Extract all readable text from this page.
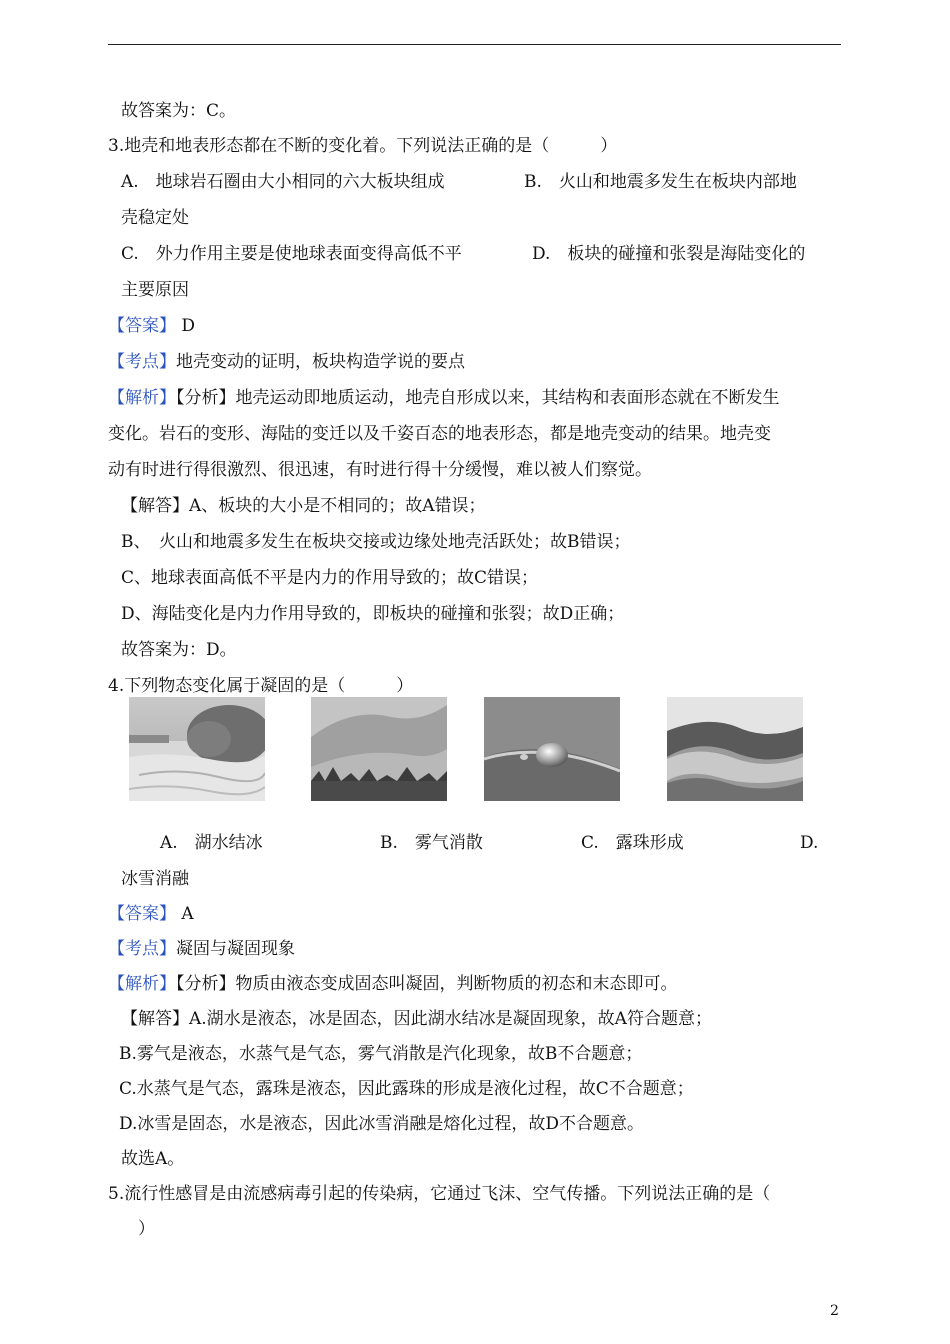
故答案为：C。
3.地壳和地表形态都在不断的变化着。下列说法正确的是（　　　）
A.　地球岩石圈由大小相同的六大板块组成	B.　火山和地震多发生在板块内部地
壳稳定处
C.　外力作用主要是使地球表面变得高低不平	D.　板块的碰撞和张裂是海陆变化的
主要原因
【答案】 D
【考点】地壳变动的证明，板块构造学说的要点
【解析】【分析】地壳运动即地质运动，地壳自形成以来，其结构和表面形态就在不断发生
变化。岩石的变形、海陆的变迁以及千姿百态的地表形态，都是地壳变动的结果。地壳变
动有时进行得很激烈、很迅速，有时进行得十分缓慢，难以被人们察觉。
【解答】A、板块的大小是不相同的；故A错误；
B、　火山和地震多发生在板块交接或边缘处地壳活跃处；故B错误；
C、地球表面高低不平是内力的作用导致的；故C错误；
D、海陆变化是内力作用导致的，即板块的碰撞和张裂；故D正确；
故答案为：D。
4.下列物态变化属于凝固的是（　　　）
A.　湖水结冰	B.　雾气消散	C.　露珠形成	D.
冰雪消融
【答案】 A
【考点】凝固与凝固现象
【解析】【分析】物质由液态变成固态叫凝固，判断物质的初态和末态即可。
【解答】A.湖水是液态，冰是固态，因此湖水结冰是凝固现象，故A符合题意；
B.雾气是液态，水蒸气是气态，雾气消散是汽化现象，故B不合题意；
C.水蒸气是气态，露珠是液态，因此露珠的形成是液化过程，故C不合题意；
D.冰雪是固态，水是液态，因此冰雪消融是熔化过程，故D不合题意。
故选A。
5.流行性感冒是由流感病毒引起的传染病，它通过飞沫、空气传播。下列说法正确的是（
）
2
